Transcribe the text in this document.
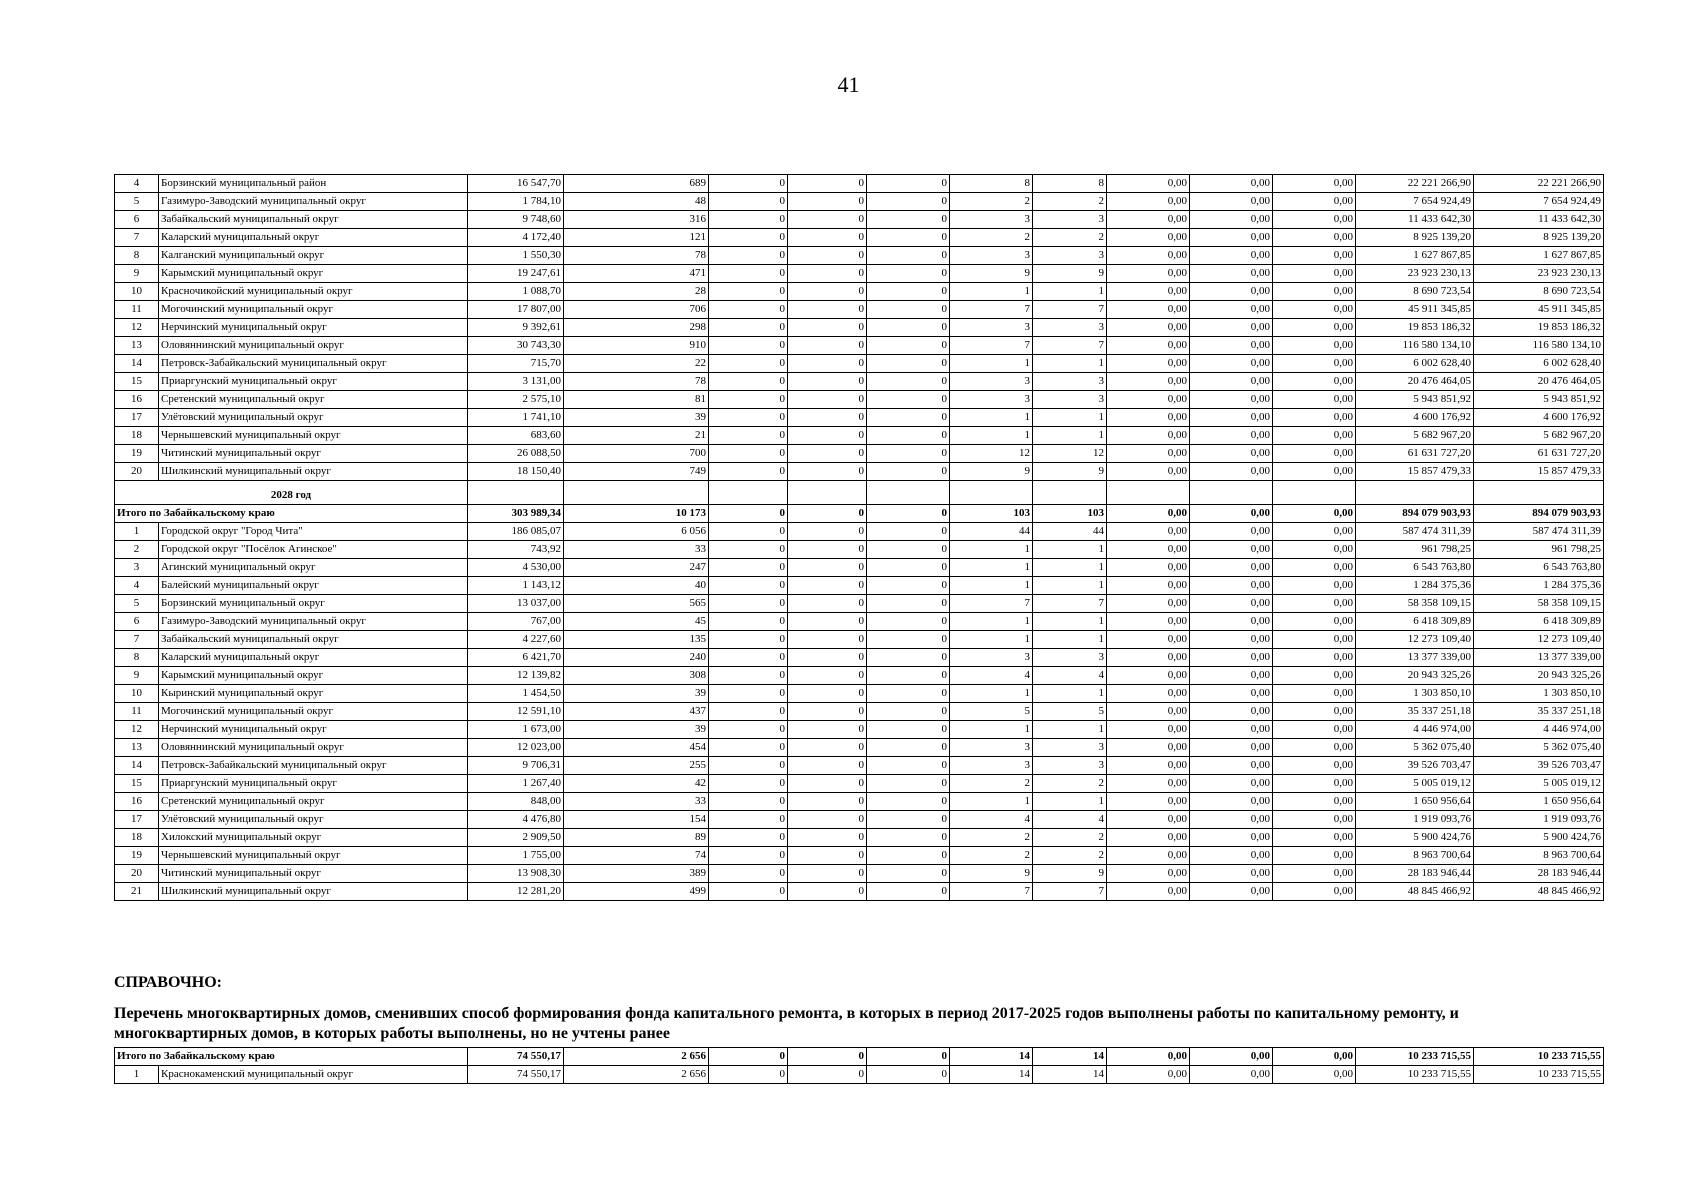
41
4	Борзинский муниципальный район	16 547,70	689	0	0	0	8	8	0,00	0,00	0,00	22 221 266,90	22 221 266,90
5	Газимуро-Заводский муниципальный округ	1 784,10	48	0	0	0	2	2	0,00	0,00	0,00	7 654 924,49	7 654 924,49
6	Забайкальский муниципальный округ	9 748,60	316	0	0	0	3	3	0,00	0,00	0,00	11 433 642,30	11 433 642,30
7	Каларский муниципальный округ	4 172,40	121	0	0	0	2	2	0,00	0,00	0,00	8 925 139,20	8 925 139,20
8	Калганский муниципальный округ	1 550,30	78	0	0	0	3	3	0,00	0,00	0,00	1 627 867,85	1 627 867,85
9	Карымский муниципальный округ	19 247,61	471	0	0	0	9	9	0,00	0,00	0,00	23 923 230,13	23 923 230,13
10	Красночикойский муниципальный округ	1 088,70	28	0	0	0	1	1	0,00	0,00	0,00	8 690 723,54	8 690 723,54
11	Могочинский муниципальный округ	17 807,00	706	0	0	0	7	7	0,00	0,00	0,00	45 911 345,85	45 911 345,85
12	Нерчинский муниципальный округ	9 392,61	298	0	0	0	3	3	0,00	0,00	0,00	19 853 186,32	19 853 186,32
13	Оловяннинский муниципальный округ	30 743,30	910	0	0	0	7	7	0,00	0,00	0,00	116 580 134,10	116 580 134,10
14	Петровск-Забайкальский муниципальный округ	715,70	22	0	0	0	1	1	0,00	0,00	0,00	6 002 628,40	6 002 628,40
15	Приаргунский муниципальный округ	3 131,00	78	0	0	0	3	3	0,00	0,00	0,00	20 476 464,05	20 476 464,05
16	Сретенский муниципальный округ	2 575,10	81	0	0	0	3	3	0,00	0,00	0,00	5 943 851,92	5 943 851,92
17	Улётовский муниципальный округ	1 741,10	39	0	0	0	1	1	0,00	0,00	0,00	4 600 176,92	4 600 176,92
18	Чернышевский муниципальный округ	683,60	21	0	0	0	1	1	0,00	0,00	0,00	5 682 967,20	5 682 967,20
19	Читинский муниципальный округ	26 088,50	700	0	0	0	12	12	0,00	0,00	0,00	61 631 727,20	61 631 727,20
20	Шилкинский муниципальный округ	18 150,40	749	0	0	0	9	9	0,00	0,00	0,00	15 857 479,33	15 857 479,33
2028 год													
Итого по Забайкальскому краю		303 989,34	10 173	0	0	0	103	103	0,00	0,00	0,00	894 079 903,93	894 079 903,93
1	Городской округ "Город Чита"	186 085,07	6 056	0	0	0	44	44	0,00	0,00	0,00	587 474 311,39	587 474 311,39
2	Городской округ "Посёлок Агинское"	743,92	33	0	0	0	1	1	0,00	0,00	0,00	961 798,25	961 798,25
3	Агинский муниципальный округ	4 530,00	247	0	0	0	1	1	0,00	0,00	0,00	6 543 763,80	6 543 763,80
4	Балейский муниципальный округ	1 143,12	40	0	0	0	1	1	0,00	0,00	0,00	1 284 375,36	1 284 375,36
5	Борзинский муниципальный округ	13 037,00	565	0	0	0	7	7	0,00	0,00	0,00	58 358 109,15	58 358 109,15
6	Газимуро-Заводский муниципальный округ	767,00	45	0	0	0	1	1	0,00	0,00	0,00	6 418 309,89	6 418 309,89
7	Забайкальский муниципальный округ	4 227,60	135	0	0	0	1	1	0,00	0,00	0,00	12 273 109,40	12 273 109,40
8	Каларский муниципальный округ	6 421,70	240	0	0	0	3	3	0,00	0,00	0,00	13 377 339,00	13 377 339,00
9	Карымский муниципальный округ	12 139,82	308	0	0	0	4	4	0,00	0,00	0,00	20 943 325,26	20 943 325,26
10	Кыринский муниципальный округ	1 454,50	39	0	0	0	1	1	0,00	0,00	0,00	1 303 850,10	1 303 850,10
11	Могочинский муниципальный округ	12 591,10	437	0	0	0	5	5	0,00	0,00	0,00	35 337 251,18	35 337 251,18
12	Нерчинский муниципальный округ	1 673,00	39	0	0	0	1	1	0,00	0,00	0,00	4 446 974,00	4 446 974,00
13	Оловяннинский муниципальный округ	12 023,00	454	0	0	0	3	3	0,00	0,00	0,00	5 362 075,40	5 362 075,40
14	Петровск-Забайкальский муниципальный округ	9 706,31	255	0	0	0	3	3	0,00	0,00	0,00	39 526 703,47	39 526 703,47
15	Приаргунский муниципальный округ	1 267,40	42	0	0	0	2	2	0,00	0,00	0,00	5 005 019,12	5 005 019,12
16	Сретенский муниципальный округ	848,00	33	0	0	0	1	1	0,00	0,00	0,00	1 650 956,64	1 650 956,64
17	Улётовский муниципальный округ	4 476,80	154	0	0	0	4	4	0,00	0,00	0,00	1 919 093,76	1 919 093,76
18	Хилокский муниципальный округ	2 909,50	89	0	0	0	2	2	0,00	0,00	0,00	5 900 424,76	5 900 424,76
19	Чернышевский муниципальный округ	1 755,00	74	0	0	0	2	2	0,00	0,00	0,00	8 963 700,64	8 963 700,64
20	Читинский муниципальный округ	13 908,30	389	0	0	0	9	9	0,00	0,00	0,00	28 183 946,44	28 183 946,44
21	Шилкинский муниципальный округ	12 281,20	499	0	0	0	7	7	0,00	0,00	0,00	48 845 466,92	48 845 466,92
СПРАВОЧНО:
Перечень многоквартирных домов, сменивших способ формирования фонда капитального ремонта, в которых в период 2017-2025 годов выполнены работы по капитальному ремонту, и многоквартирных домов, в которых работы выполнены, но не учтены ранее
Итого по Забайкальскому краю		74 550,17	2 656	0	0	0	14	14	0,00	0,00	0,00	10 233 715,55	10 233 715,55
1	Краснокаменский муниципальный округ	74 550,17	2 656	0	0	0	14	14	0,00	0,00	0,00	10 233 715,55	10 233 715,55
